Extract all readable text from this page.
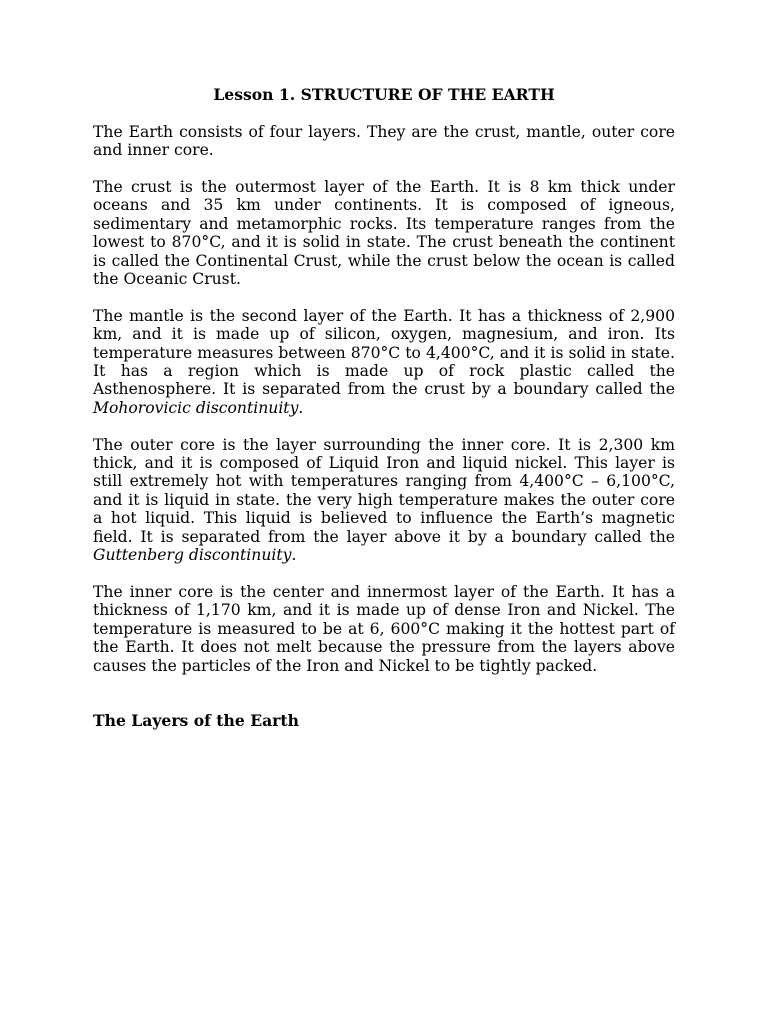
Lesson 1. STRUCTURE OF THE EARTH

The Earth consists of four layers. They are the crust, mantle, outer core and inner core.

The crust is the outermost layer of the Earth. It is 8 km thick under oceans and 35 km under continents. It is composed of igneous, sedimentary and metamorphic rocks. Its temperature ranges from the lowest to 870°C, and it is solid in state. The crust beneath the continent is called the Continental Crust, while the crust below the ocean is called the Oceanic Crust.

The mantle is the second layer of the Earth. It has a thickness of 2,900 km, and it is made up of silicon, oxygen, magnesium, and iron. Its temperature measures between 870°C to 4,400°C, and it is solid in state. It has a region which is made up of rock plastic called the Asthenosphere. It is separated from the crust by a boundary called the Mohorovicic discontinuity.

The outer core is the layer surrounding the inner core. It is 2,300 km thick, and it is composed of Liquid Iron and liquid nickel. This layer is still extremely hot with temperatures ranging from 4,400°C – 6,100°C, and it is liquid in state. the very high temperature makes the outer core a hot liquid. This liquid is believed to influence the Earth’s magnetic field. It is separated from the layer above it by a boundary called the Guttenberg discontinuity.

The inner core is the center and innermost layer of the Earth. It has a thickness of 1,170 km, and it is made up of dense Iron and Nickel. The temperature is measured to be at 6, 600°C making it the hottest part of the Earth. It does not melt because the pressure from the layers above causes the particles of the Iron and Nickel to be tightly packed.

The Layers of the Earth
